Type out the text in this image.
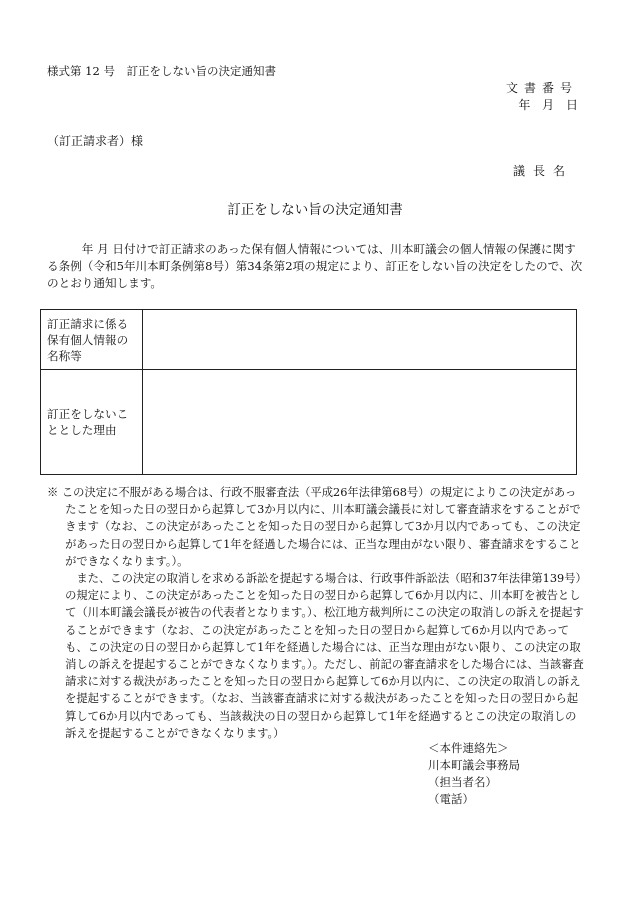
様式第 12 号　訂正をしない旨の決定通知書
文書番号
年 月 日
（訂正請求者）様
議長名
訂正をしない旨の決定通知書

年 月 日付けで訂正請求のあった保有個人情報については、川本町議会の個人情報の保護に関する条例（令和5年川本町条例第8号）第34条第2項の規定により、訂正をしない旨の決定をしたので、次のとおり通知します。

訂正請求に係る保有個人情報の名称等	
訂正をしないこととした理由	

※ この決定に不服がある場合は、行政不服審査法（平成26年法律第68号）の規定によりこの決定があったことを知った日の翌日から起算して3か月以内に、川本町議会議長に対して審査請求をすることができます（なお、この決定があったことを知った日の翌日から起算して3か月以内であっても、この決定があった日の翌日から起算して1年を経過した場合には、正当な理由がない限り、審査請求をすることができなくなります。）。

また、この決定の取消しを求める訴訟を提起する場合は、行政事件訴訟法（昭和37年法律第139号）の規定により、この決定があったことを知った日の翌日から起算して6か月以内に、川本町を被告として（川本町議会議長が被告の代表者となります。）、松江地方裁判所にこの決定の取消しの訴えを提起することができます（なお、この決定があったことを知った日の翌日から起算して6か月以内であっても、この決定の日の翌日から起算して1年を経過した場合には、正当な理由がない限り、この決定の取消しの訴えを提起することができなくなります。）。ただし、前記の審査請求をした場合には、当該審査請求に対する裁決があったことを知った日の翌日から起算して6か月以内に、この決定の取消しの訴えを提起することができます。（なお、当該審査請求に対する裁決があったことを知った日の翌日から起算して6か月以内であっても、当該裁決の日の翌日から起算して1年を経過するとこの決定の取消しの訴えを提起することができなくなります。）

＜本件連絡先＞
川本町議会事務局
（担当者名）
（電話）
